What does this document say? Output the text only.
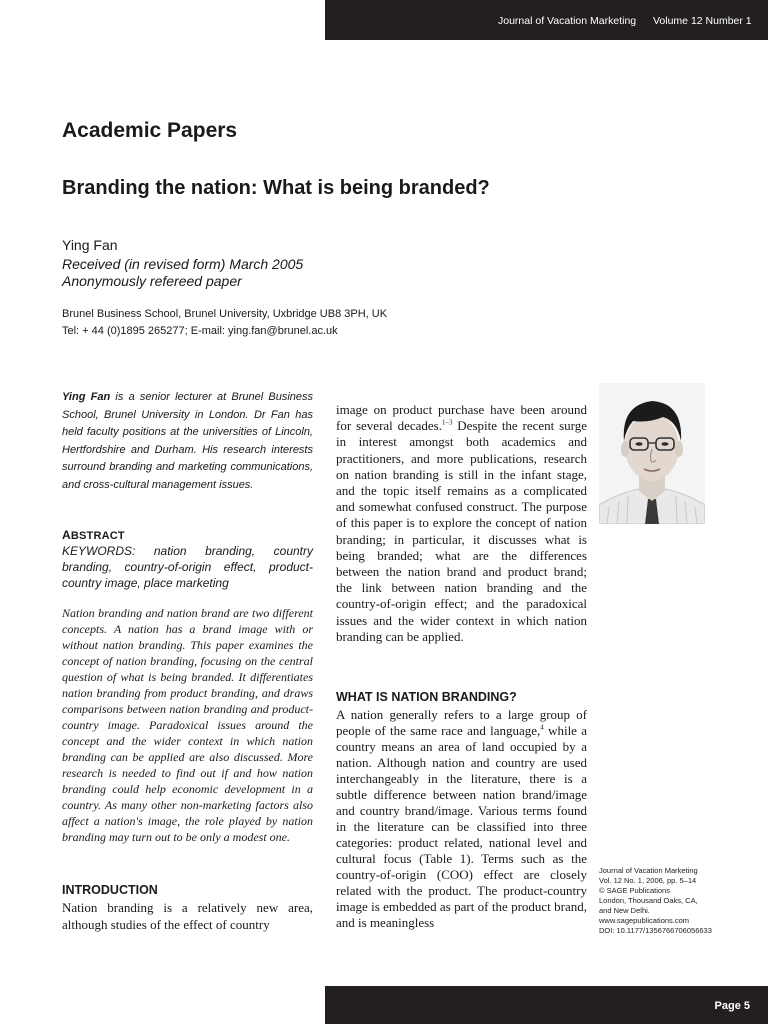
Journal of Vacation Marketing Volume 12 Number 1
Academic Papers
Branding the nation: What is being branded?
Ying Fan
Received (in revised form) March 2005
Anonymously refereed paper
Brunel Business School, Brunel University, Uxbridge UB8 3PH, UK
Tel: + 44 (0)1895 265277; E-mail: ying.fan@brunel.ac.uk
Ying Fan is a senior lecturer at Brunel Business School, Brunel University in London. Dr Fan has held faculty positions at the universities of Lincoln, Hertfordshire and Durham. His research interests surround branding and marketing communications, and cross-cultural management issues.
ABSTRACT
KEYWORDS: nation branding, country branding, country-of-origin effect, product-country image, place marketing
Nation branding and nation brand are two different concepts. A nation has a brand image with or without nation branding. This paper examines the concept of nation branding, focusing on the central question of what is being branded. It differentiates nation branding from product branding, and draws comparisons between nation branding and product-country image. Paradoxical issues around the concept and the wider context in which nation branding can be applied are also discussed. More research is needed to find out if and how nation branding could help economic development in a country. As many other non-marketing factors also affect a nation's image, the role played by nation branding may turn out to be only a modest one.
INTRODUCTION
Nation branding is a relatively new area, although studies of the effect of country
image on product purchase have been around for several decades.$^{1-3}$ Despite the recent surge in interest amongst both academics and practitioners, and more publications, research on nation branding is still in the infant stage, and the topic itself remains as a complicated and somewhat confused construct. The purpose of this paper is to explore the concept of nation branding; in particular, it discusses what is being branded; what are the differences between the nation brand and product brand; the link between nation branding and the country-of-origin effect; and the paradoxical issues and the wider context in which nation branding can be applied.
WHAT IS NATION BRANDING?
A nation generally refers to a large group of people of the same race and language,$^4$ while a country means an area of land occupied by a nation. Although nation and country are used interchangeably in the literature, there is a subtle difference between nation brand/image and country brand/image. Various terms found in the literature can be classified into three categories: product related, national level and cultural focus (Table 1). Terms such as the country-of-origin (COO) effect are closely related with the product. The product-country image is embedded as part of the product brand, and is meaningless
Journal of Vacation Marketing
Vol. 12 No. 1, 2006, pp. 5–14
© SAGE Publications
London, Thousand Oaks, CA,
and New Delhi.
www.sagepublications.com
DOI: 10.1177/1356766706056633
Page 5
